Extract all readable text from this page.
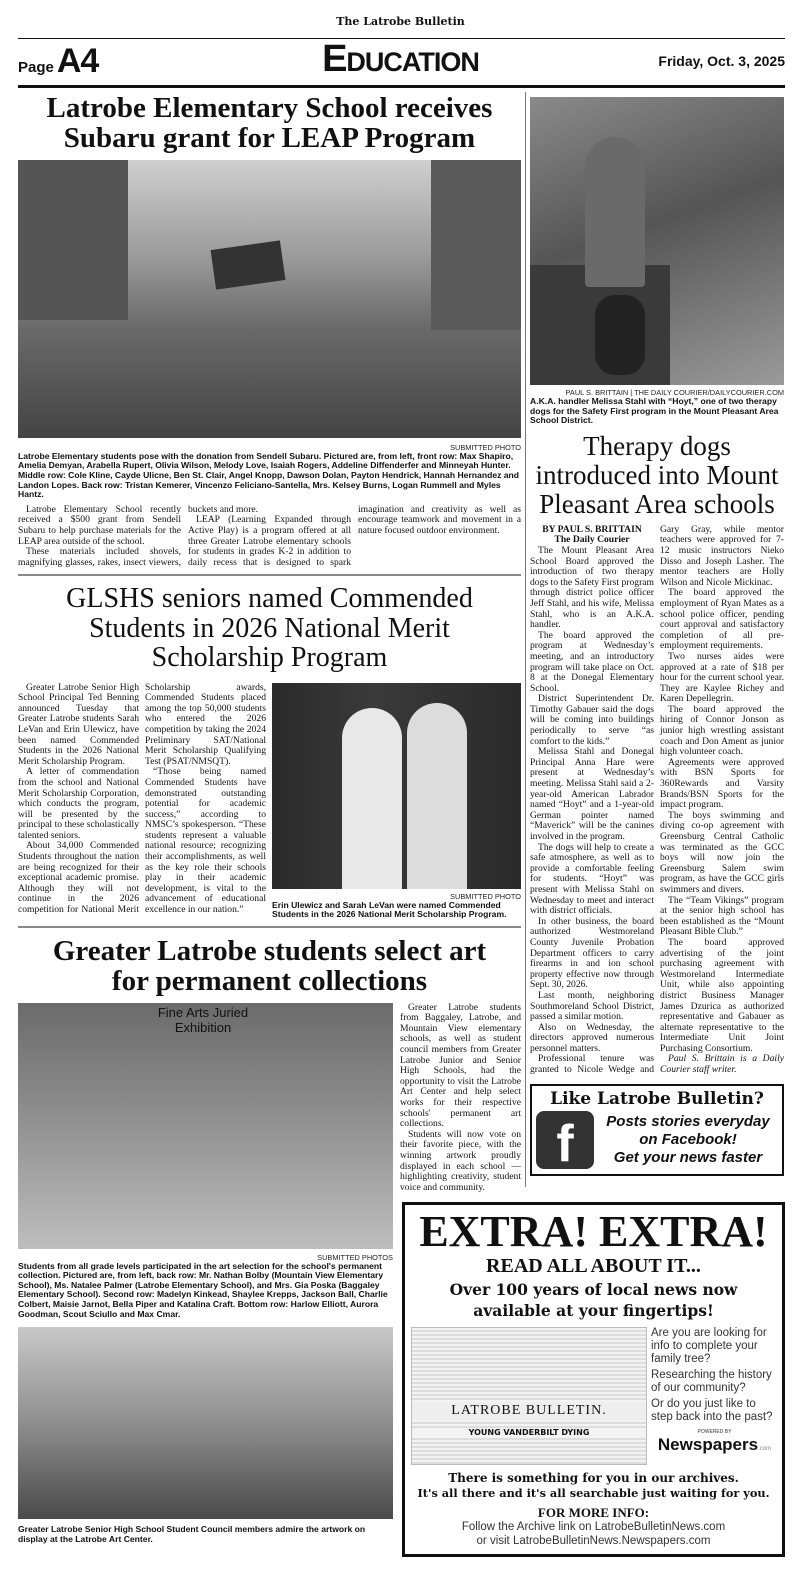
The Latrobe Bulletin
Page A4	Education	Friday, Oct. 3, 2025
Latrobe Elementary School receives Subaru grant for LEAP Program
SUBMITTED PHOTO
Latrobe Elementary students pose with the donation from Sendell Subaru. Pictured are, from left, front row: Max Shapiro, Amelia Demyan, Arabella Rupert, Olivia Wilson, Melody Love, Isaiah Rogers, Addeline Diffenderfer and Minneyah Hunter. Middle row: Cole Kline, Cayde Ulicne, Ben St. Clair, Angel Knopp, Dawson Dolan, Payton Hendrick, Hannah Hernandez and Landon Lopes. Back row: Tristan Kemerer, Vincenzo Feliciano-Santella, Mrs. Kelsey Burns, Logan Rummell and Myles Hantz.

Latrobe Elementary School recently received a $500 grant from Sendell Subaru to help purchase materials for the LEAP area outside of the school.

These materials included shovels, magnifying glasses, rakes, insect viewers, buckets and more.

LEAP (Learning Expanded through Active Play) is a program offered at all three Greater Latrobe elementary schools for students in grades K-2 in addition to daily recess that is designed to spark imagination and creativity as well as encourage teamwork and movement in a nature focused outdoor environment.

GLSHS seniors named Commended Students in 2026 National Merit Scholarship Program

Greater Latrobe Senior High School Principal Ted Benning announced Tuesday that Greater Latrobe students Sarah LeVan and Erin Ulewicz, have been named Commended Students in the 2026 National Merit Scholarship Program.

A letter of commendation from the school and National Merit Scholarship Corporation, which conducts the program, will be presented by the principal to these scholastically talented seniors.

About 34,000 Commended Students throughout the nation are being recognized for their exceptional academic promise. Although they will not continue in the 2026 competition for National Merit Scholarship awards, Commended Students placed among the top 50,000 students who entered the 2026 competition by taking the 2024 Preliminary SAT/National Merit Scholarship Qualifying Test (PSAT/NMSQT).

“Those being named Commended Students have demonstrated outstanding potential for academic success,” according to NMSC’s spokesperson. “These students represent a valuable national resource; recognizing their accomplishments, as well as the key role their schools play in their academic development, is vital to the advancement of educational excellence in our nation.”

SUBMITTED PHOTO
Erin Ulewicz and Sarah LeVan were named Commended Students in the 2026 National Merit Scholarship Program.
Greater Latrobe students select art for permanent collections
Fine Arts Juried Exhibition
SUBMITTED PHOTOS
Students from all grade levels participated in the art selection for the school's permanent collection. Pictured are, from left, back row: Mr. Nathan Bolby (Mountain View Elementary School), Ms. Natalee Palmer (Latrobe Elementary School), and Mrs. Gia Poska (Baggaley Elementary School). Second row: Madelyn Kinkead, Shaylee Krepps, Jackson Ball, Charlie Colbert, Maisie Jarnot, Bella Piper and Katalina Craft. Bottom row: Harlow Elliott, Aurora Goodman, Scout Sciullo and Max Cmar.
Greater Latrobe Senior High School Student Council members admire the artwork on display at the Latrobe Art Center.

Greater Latrobe students from Baggaley, Latrobe, and Mountain View elementary schools, as well as student council members from Greater Latrobe Junior and Senior High Schools, had the opportunity to visit the Latrobe Art Center and help select works for their respective schools' permanent art collections.

Students will now vote on their favorite piece, with the winning artwork proudly displayed in each school — highlighting creativity, student voice and community.

PAUL S. BRITTAIN | THE DAILY COURIER/DAILYCOURIER.COM
A.K.A. handler Melissa Stahl with “Hoyt,” one of two therapy dogs for the Safety First program in the Mount Pleasant Area School District.
Therapy dogs introduced into Mount Pleasant Area schools
BY PAUL S. BRITTAIN
The Daily Courier

The Mount Pleasant Area School Board approved the introduction of two therapy dogs to the Safety First program through district police officer Jeff Stahl, and his wife, Melissa Stahl, who is an A.K.A. handler.

The board approved the program at Wednesday’s meeting, and an introductory program will take place on Oct. 8 at the Donegal Elementary School.

District Superintendent Dr. Timothy Gabauer said the dogs will be coming into buildings periodically to serve “as comfort to the kids.”

Melissa Stahl and Donegal Principal Anna Hare were present at Wednesday’s meeting. Melissa Stahl said a 2-year-old American Labrador named “Hoyt” and a 1-year-old German pointer named “Maverick” will be the canines involved in the program.

The dogs will help to create a safe atmosphere, as well as to provide a comfortable feeling for students. “Hoyt” was present with Melissa Stahl on Wednesday to meet and interact with district officials.

In other business, the board authorized Westmoreland County Juvenile Probation Department officers to carry firearms in and ion school property effective now through Sept. 30, 2026.

Last month, neighboring Southmoreland School District, passed a similar motion.

Also on Wednesday, the directors approved numerous personnel matters.

Professional tenure was granted to Nicole Wedge and Gary Gray, while mentor teachers were approved for 7-12 music instructors Nieko Disso and Joseph Lasher. The mentor teachers are Holly Wilson and Nicole Mickinac.

The board approved the employment of Ryan Mates as a school police officer, pending court approval and satisfactory completion of all pre-employment requirements.

Two nurses aides were approved at a rate of $18 per hour for the current school year. They are Kaylee Richey and Karen Depellegrin.

The board approved the hiring of Connor Jonson as junior high wrestling assistant coach and Don Ament as junior high volunteer coach.

Agreements were approved with BSN Sports for 360Rewards and Varsity Brands/BSN Sports for the impact program.

The boys swimming and diving co-op agreement with Greensburg Central Catholic was terminated as the GCC boys will now join the Greensburg Salem swim program, as have the GCC girls swimmers and divers.

The “Team Vikings” program at the senior high school has been established as the “Mount Pleasant Bible Club.”

The board approved advertising of the joint purchasing agreement with Westmoreland Intermediate Unit, while also appointing district Business Manager James Dzurica as authorized representative and Gabauer as alternate representative to the Intermediate Unit Joint Purchasing Consortium.

Paul S. Brittain is a Daily Courier staff writer.

Like Latrobe Bulletin?
f	Posts stories everyday
on Facebook!
Get your news faster
EXTRA! EXTRA!
READ ALL ABOUT IT...
Over 100 years of local news now
available at your fingertips!
LATROBE BULLETIN.
YOUNG VANDERBILT DYING
Are you are looking for info to complete your family tree?
Researching the history of our community?
Or do you just like to step back into the past?
POWERED BY
Newspapers.com
There is something for you in our archives.
It's all there and it's all searchable just waiting for you.
FOR MORE INFO:
Follow the Archive link on LatrobeBulletinNews.com
or visit LatrobeBulletinNews.Newspapers.com
